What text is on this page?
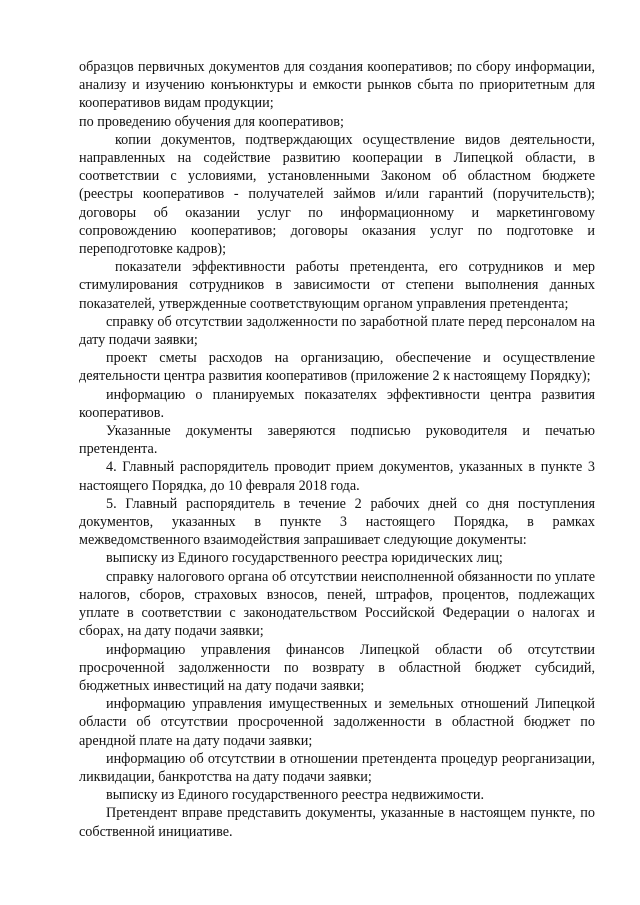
образцов первичных документов для создания кооперативов; по сбору информации, анализу и изучению конъюнктуры и емкости рынков сбыта по приоритетным для кооперативов видам продукции;

по проведению обучения для кооперативов;

копии документов, подтверждающих осуществление видов деятельности, направленных на содействие развитию кооперации в Липецкой области, в соответствии с условиями, установленными Законом об областном бюджете (реестры кооперативов - получателей займов и/или гарантий (поручительств); договоры об оказании услуг по информационному и маркетинговому сопровождению кооперативов; договоры оказания услуг по подготовке и переподготовке кадров);

показатели эффективности работы претендента, его сотрудников и мер стимулирования сотрудников в зависимости от степени выполнения данных показателей, утвержденные соответствующим органом управления претендента;

справку об отсутствии задолженности по заработной плате перед персоналом на дату подачи заявки;

проект сметы расходов на организацию, обеспечение и осуществление деятельности центра развития кооперативов (приложение 2 к настоящему Порядку);

информацию о планируемых показателях эффективности центра развития кооперативов.

Указанные документы заверяются подписью руководителя и печатью претендента.

4. Главный распорядитель проводит прием документов, указанных в пункте 3 настоящего Порядка, до 10 февраля 2018 года.

5. Главный распорядитель в течение 2 рабочих дней со дня поступления документов, указанных в пункте 3 настоящего Порядка, в рамках межведомственного взаимодействия запрашивает следующие документы:

выписку из Единого государственного реестра юридических лиц;

справку налогового органа об отсутствии неисполненной обязанности по уплате налогов, сборов, страховых взносов, пеней, штрафов, процентов, подлежащих уплате в соответствии с законодательством Российской Федерации о налогах и сборах, на дату подачи заявки;

информацию управления финансов Липецкой области об отсутствии просроченной задолженности по возврату в областной бюджет субсидий, бюджетных инвестиций на дату подачи заявки;

информацию управления имущественных и земельных отношений Липецкой области об отсутствии просроченной задолженности в областной бюджет по арендной плате на дату подачи заявки;

информацию об отсутствии в отношении претендента процедур реорганизации, ликвидации, банкротства на дату подачи заявки;

выписку из Единого государственного реестра недвижимости.

Претендент вправе представить документы, указанные в настоящем пункте, по собственной инициативе.
